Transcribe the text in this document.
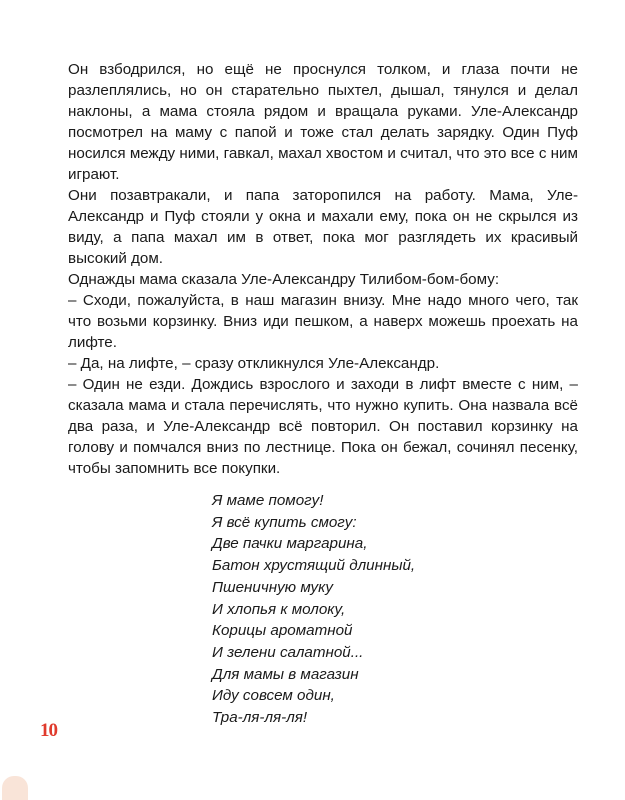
Он взбодрился, но ещё не проснулся толком, и глаза почти не разлеплялись, но он старательно пыхтел, дышал, тянулся и делал наклоны, а мама стояла рядом и вращала руками. Уле-Александр посмотрел на маму с папой и тоже стал делать зарядку. Один Пуф носился между ними, гавкал, махал хвостом и считал, что это все с ним играют.

Они позавтракали, и папа заторопился на работу. Мама, Уле-Александр и Пуф стояли у окна и махали ему, пока он не скрылся из виду, а папа махал им в ответ, пока мог разглядеть их красивый высокий дом.

Однажды мама сказала Уле-Александру Тилибом-бом-бому:

– Сходи, пожалуйста, в наш магазин внизу. Мне надо много чего, так что возьми корзинку. Вниз иди пешком, а наверх можешь проехать на лифте.

– Да, на лифте, – сразу откликнулся Уле-Александр.

– Один не езди. Дождись взрослого и заходи в лифт вместе с ним, – сказала мама и стала перечислять, что нужно купить. Она назвала всё два раза, и Уле-Александр всё повторил. Он поставил корзинку на голову и помчался вниз по лестнице. Пока он бежал, сочинял песенку, чтобы запомнить все покупки.

Я маме помогу!
Я всё купить смогу:
Две пачки маргарина,
Батон хрустящий длинный,
Пшеничную муку
И хлопья к молоку,
Корицы ароматной
И зелени салатной...
Для мамы в магазин
Иду совсем один,
Тра-ля-ля-ля!
10
